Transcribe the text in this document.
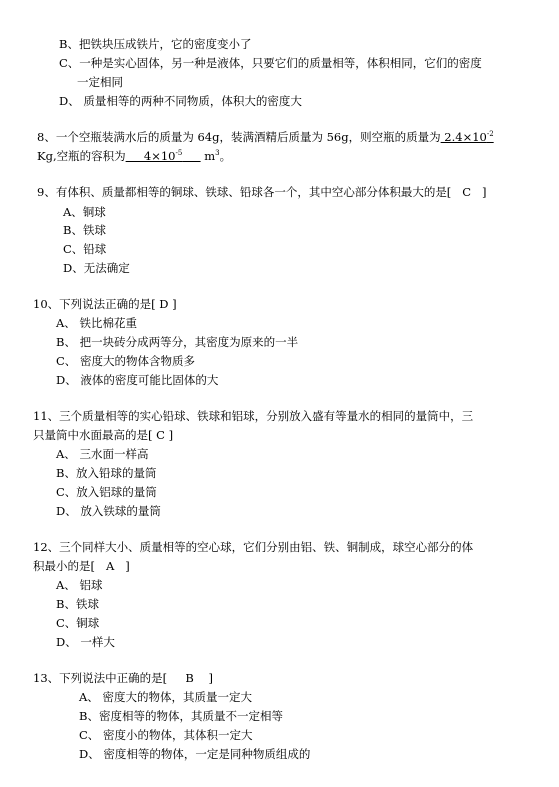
B、把铁块压成铁片，它的密度变小了
C、一种是实心固体，另一种是液体，只要它们的质量相等，体积相同，它们的密度
一定相同
D、 质量相等的两种不同物质，体积大的密度大
8、一个空瓶装满水后的质量为 64g，装满酒精后质量为 56g，则空瓶的质量为 $2.4\times 10^{-2}$
Kg,空瓶的容积为     $4\times 10^{-5}$      $m^3$。
9、有体积、质量都相等的铜球、铁球、铅球各一个，其中空心部分体积最大的是[   C   ]
A、铜球
B、铁球
C、铅球
D、无法确定
10、下列说法正确的是[ D ]
A、 铁比棉花重
B、 把一块砖分成两等分，其密度为原来的一半
C、 密度大的物体含物质多
D、 液体的密度可能比固体的大
11、三个质量相等的实心铅球、铁球和铝球，分别放入盛有等量水的相同的量筒中，三
只量筒中水面最高的是[ C ]
A、 三水面一样高
B、放入铅球的量筒
C、放入铝球的量筒
D、 放入铁球的量筒
12、三个同样大小、质量相等的空心球，它们分别由铝、铁、铜制成，球空心部分的体
积最小的是[   A   ]
A、 铝球
B、铁球
C、铜球
D、 一样大
13、下列说法中正确的是[     B    ]
A、 密度大的物体，其质量一定大
B、密度相等的物体，其质量不一定相等
C、 密度小的物体，其体积一定大
D、 密度相等的物体，一定是同种物质组成的
